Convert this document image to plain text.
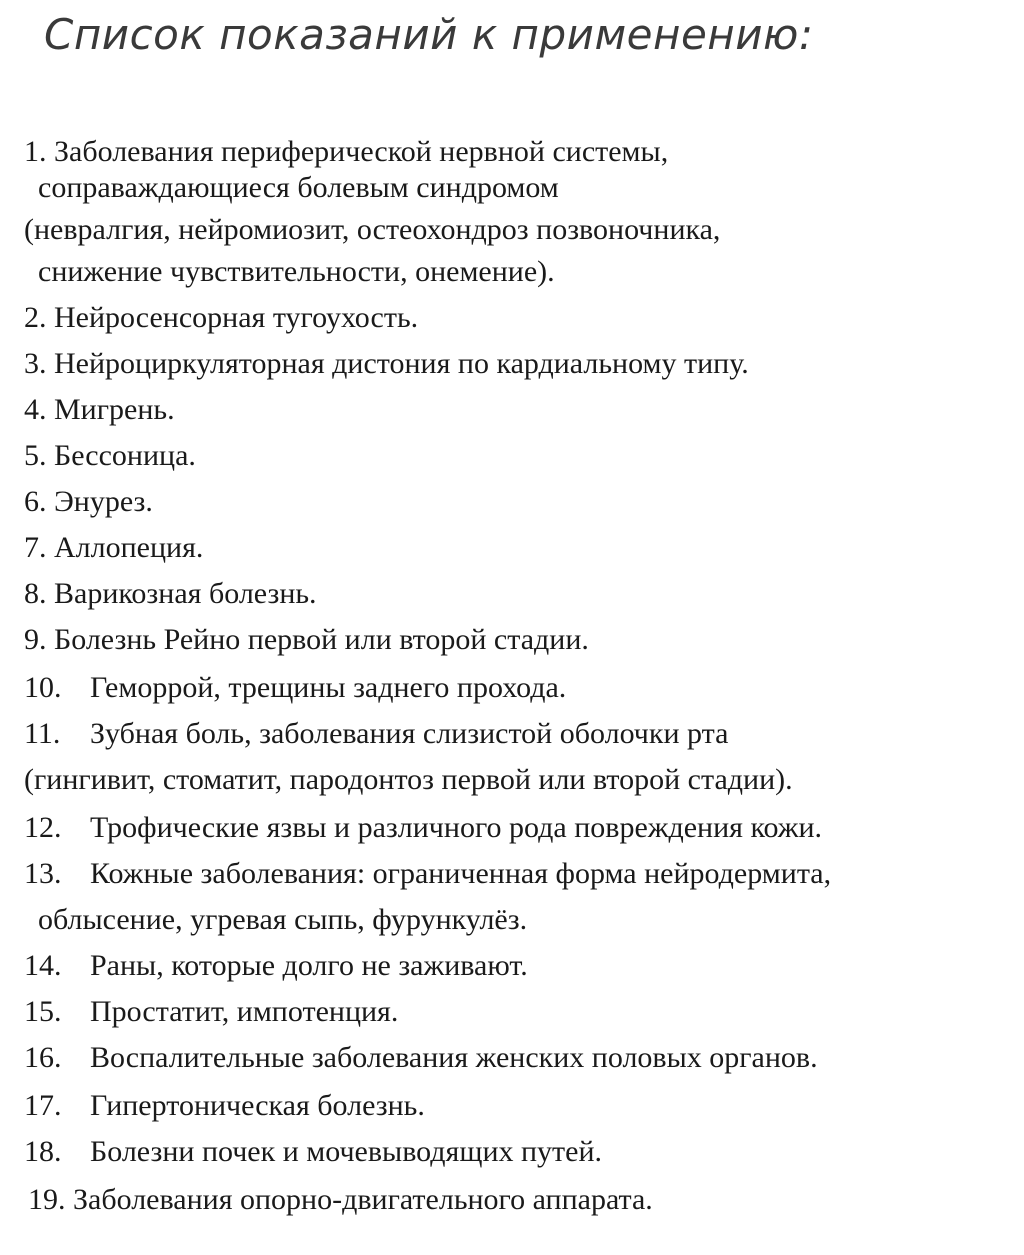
Список показаний к применению:
1. Заболевания периферической нервной системы,
соправаждающиеся болевым синдромом
(невралгия, нейромиозит, остеохондроз позвоночника,
снижение чувствительности, онемение).
2. Нейросенсорная тугоухость.
3. Нейроциркуляторная дистония по кардиальному типу.
4. Мигрень.
5. Бессоница.
6. Энурез.
7. Аллопеция.
8. Варикозная болезнь.
9. Болезнь Рейно первой или второй стадии.
10. Геморрой, трещины заднего прохода.
11. Зубная боль, заболевания слизистой оболочки рта
(гингивит, стоматит, пародонтоз первой или второй стадии).
12. Трофические язвы и различного рода повреждения кожи.
13. Кожные заболевания: ограниченная форма нейродермита,
облысение, угревая сыпь, фурункулёз.
14. Раны, которые долго не заживают.
15. Простатит, импотенция.
16. Воспалительные заболевания женских половых органов.
17. Гипертоническая болезнь.
18. Болезни почек и мочевыводящих путей.
19. Заболевания опорно-двигательного аппарата.
